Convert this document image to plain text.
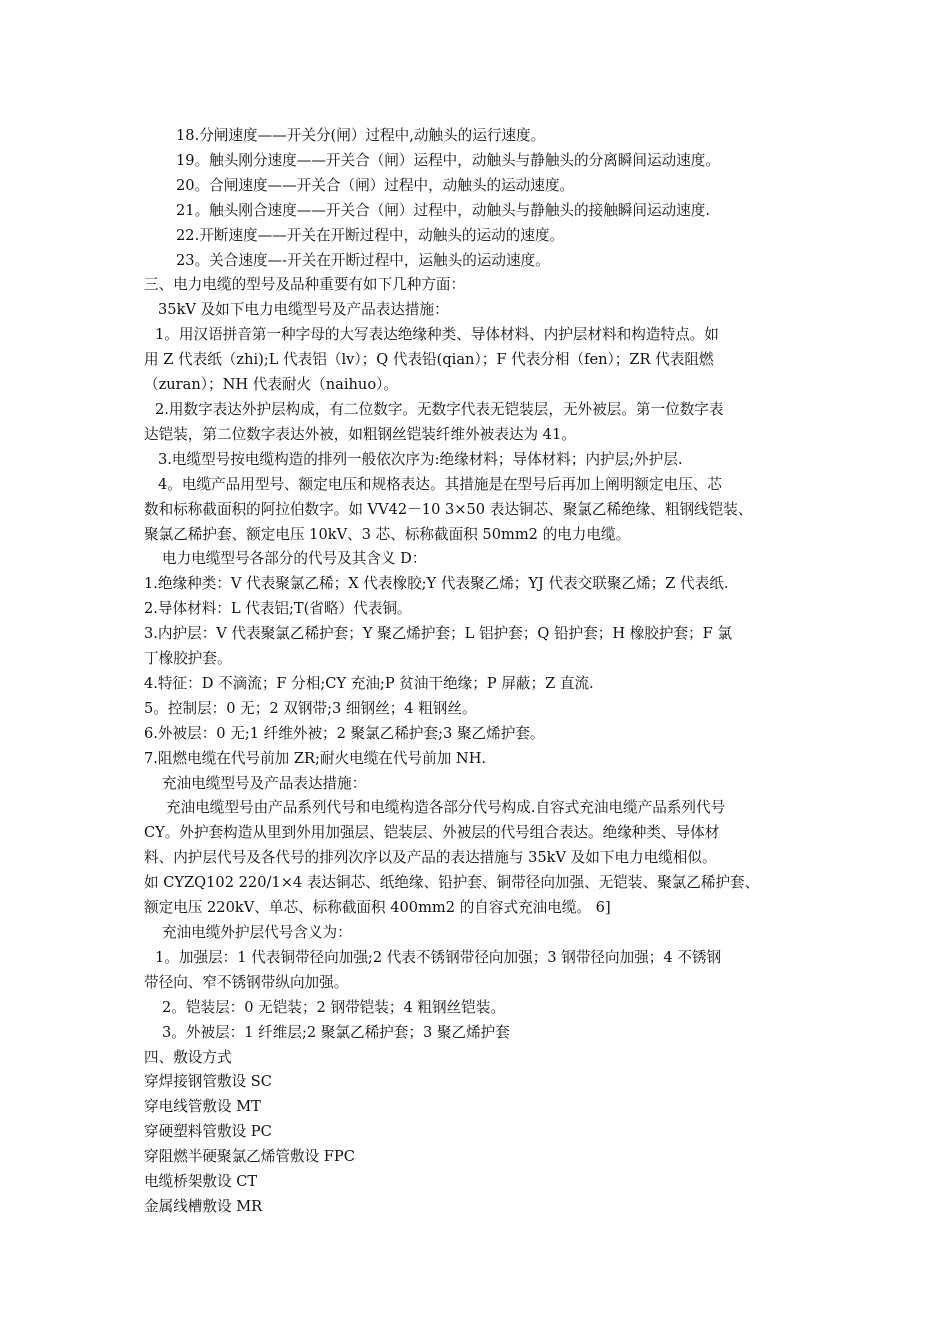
18.分闸速度——开关分(闸）过程中,动触头的运行速度。

19。触头刚分速度——开关合（闸）运程中，动触头与静触头的分离瞬间运动速度。

20。合闸速度——开关合（闸）过程中，动触头的运动速度。

21。触头刚合速度——开关合（闸）过程中，动触头与静触头的接触瞬间运动速度.

22.开断速度——开关在开断过程中，动触头的运动的速度。

23。关合速度—-开关在开断过程中，运触头的运动速度。

三、电力电缆的型号及品种重要有如下几种方面：

35kV 及如下电力电缆型号及产品表达措施：

1。用汉语拼音第一种字母的大写表达绝缘种类、导体材料、内护层材料和构造特点。如

用 Z 代表纸（zhi);L 代表铝（lv）；Q 代表铅(qian）；F 代表分相（fen）；ZR 代表阻燃

（zuran）；NH 代表耐火（naihuo）。

2.用数字表达外护层构成，有二位数字。无数字代表无铠装层，无外被层。第一位数字表

达铠装，第二位数字表达外被，如粗钢丝铠装纤维外被表达为 41。

3.电缆型号按电缆构造的排列一般依次序为:绝缘材料；导体材料；内护层;外护层.

4。电缆产品用型号、额定电压和规格表达。其措施是在型号后再加上阐明额定电压、芯

数和标称截面积的阿拉伯数字。如 VV42－10 3×50 表达铜芯、聚氯乙稀绝缘、粗钢线铠装、

聚氯乙稀护套、额定电压 10kV、3 芯、标称截面积 50mm2 的电力电缆。

电力电缆型号各部分的代号及其含义 D：

1.绝缘种类：V 代表聚氯乙稀；X 代表橡胶;Y 代表聚乙烯；YJ 代表交联聚乙烯；Z 代表纸.

2.导体材料：L 代表铝;T(省略）代表铜。

3.内护层：V 代表聚氯乙稀护套；Y 聚乙烯护套；L 铝护套；Q 铅护套；H 橡胶护套；F 氯

丁橡胶护套。

4.特征：D 不滴流；F 分相;CY 充油;P 贫油干绝缘；P 屏蔽；Z 直流.

5。控制层：0 无；2 双钢带;3 细钢丝；4 粗钢丝。

6.外被层：0 无;1 纤维外被；2 聚氯乙稀护套;3 聚乙烯护套。

7.阻燃电缆在代号前加 ZR;耐火电缆在代号前加 NH.

充油电缆型号及产品表达措施：

充油电缆型号由产品系列代号和电缆构造各部分代号构成.自容式充油电缆产品系列代号

CY。外护套构造从里到外用加强层、铠装层、外被层的代号组合表达。绝缘种类、导体材

料、内护层代号及各代号的排列次序以及产品的表达措施与 35kV 及如下电力电缆相似。

如 CYZQ102 220/1×4 表达铜芯、纸绝缘、铅护套、铜带径向加强、无铠装、聚氯乙稀护套、

额定电压 220kV、单芯、标称截面积 400mm2 的自容式充油电缆。 6]

充油电缆外护层代号含义为：

1。加强层：1 代表铜带径向加强;2 代表不锈钢带径向加强；3 钢带径向加强；4 不锈钢

带径向、窄不锈钢带纵向加强。

2。铠装层：0 无铠装；2 钢带铠装；4 粗钢丝铠装。

3。外被层：1 纤维层;2 聚氯乙稀护套；3 聚乙烯护套

四、敷设方式

穿焊接钢管敷设 SC

穿电线管敷设 MT

穿硬塑料管敷设 PC

穿阻燃半硬聚氯乙烯管敷设 FPC

电缆桥架敷设 CT

金属线槽敷设 MR
